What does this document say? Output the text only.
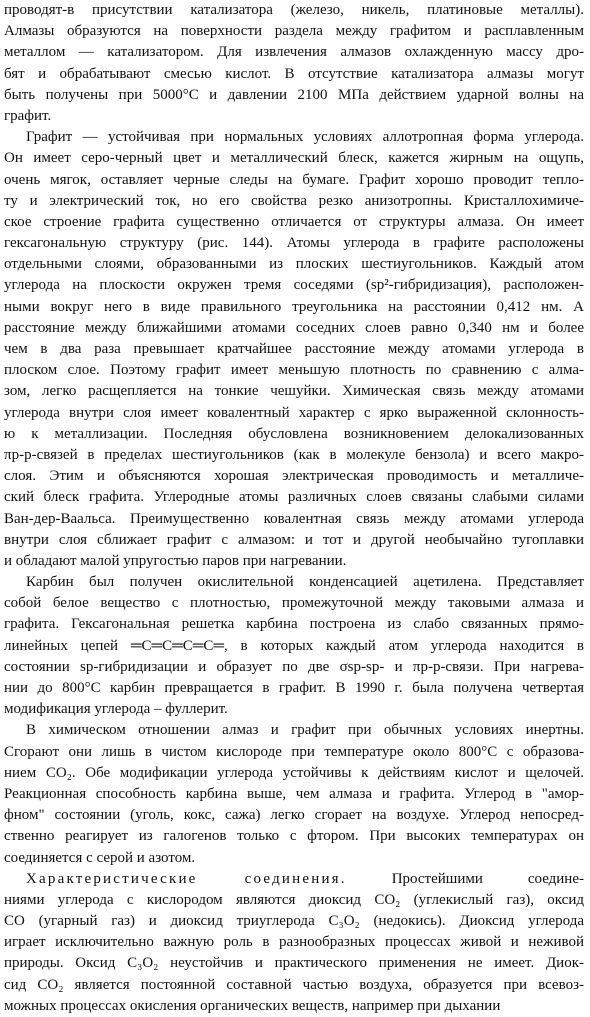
проводят-в присутствии катализатора (железо, никель, платиновые металлы).
Алмазы образуются на поверхности раздела между графитом и расплавленным
металлом — катализатором. Для извлечения алмазов охлажденную массу дро-
бят и обрабатывают смесью кислот. В отсутствие катализатора алмазы могут
быть получены при 5000°C и давлении 2100 МПа действием ударной волны на
графит.
Графит — устойчивая при нормальных условиях аллотропная форма углерода.
Он имеет серо-черный цвет и металлический блеск, кажется жирным на ощупь,
очень мягок, оставляет черные следы на бумаге. Графит хорошо проводит тепло-
ту и электрический ток, но его свойства резко анизотропны. Кристаллохимиче-
ское строение графита существенно отличается от структуры алмаза. Он имеет
гексагональную структуру (рис. 144). Атомы углерода в графите расположены
отдельными слоями, образованными из плоских шестиугольников. Каждый атом
углерода на плоскости окружен тремя соседями (sp²-гибридизация), расположен-
ными вокруг него в виде правильного треугольника на расстоянии 0,412 нм. А
расстояние между ближайшими атомами соседних слоев равно 0,340 нм и более
чем в два раза превышает кратчайшее расстояние между атомами углерода в
плоском слое. Поэтому графит имеет меньшую плотность по сравнению с алма-
зом, легко расщепляется на тонкие чешуйки. Химическая связь между атомами
углерода внутри слоя имеет ковалентный характер с ярко выраженной склонность-
ю к металлизации. Последняя обусловлена возникновением делокализованных
πp-p-связей в пределах шестиугольников (как в молекуле бензола) и всего макро-
слоя. Этим и объясняются хорошая электрическая проводимость и металличе-
ский блеск графита. Углеродные атомы различных слоев связаны слабыми силами
Ван-дер-Ваальса. Преимущественно ковалентная связь между атомами углерода
внутри слоя сближает графит с алмазом: и тот и другой необычайно тугоплавки
и обладают малой упругостью паров при нагревании.
Карбин был получен окислительной конденсацией ацетилена. Представляет
собой белое вещество с плотностью, промежуточной между таковыми алмаза и
графита. Гексагональная решетка карбина построена из слабо связанных прямо-
линейных цепей ═C═C═C═C═, в которых каждый атом углерода находится в
состоянии sp-гибридизации и образует по две σsp-sp- и πp-p-связи. При нагрева-
нии до 800°C карбин превращается в графит. В 1990 г. была получена четвертая
модификация углерода – фуллерит.
В химическом отношении алмаз и графит при обычных условиях инертны.
Сгорают они лишь в чистом кислороде при температуре около 800°C с образова-
нием CO₂. Обе модификации углерода устойчивы к действиям кислот и щелочей.
Реакционная способность карбина выше, чем алмаза и графита. Углерод в "амор-
фном" состоянии (уголь, кокс, сажа) легко сгорает на воздухе. Углерод непосред-
ственно реагирует из галогенов только с фтором. При высоких температурах он
соединяется с серой и азотом.
Характеристические соединения. Простейшими соедине-
ниями углерода с кислородом являются диоксид CO₂ (углекислый газ), оксид
CO (угарный газ) и диоксид триуглерода C₃O₂ (недокись). Диоксид углерода
играет исключительно важную роль в разнообразных процессах живой и неживой
природы. Оксид C₃O₂ неустойчив и практического применения не имеет. Диок-
сид CO₂ является постоянной составной частью воздуха, образуется при всевоз-
можных процессах окисления органических веществ, например при дыхании
